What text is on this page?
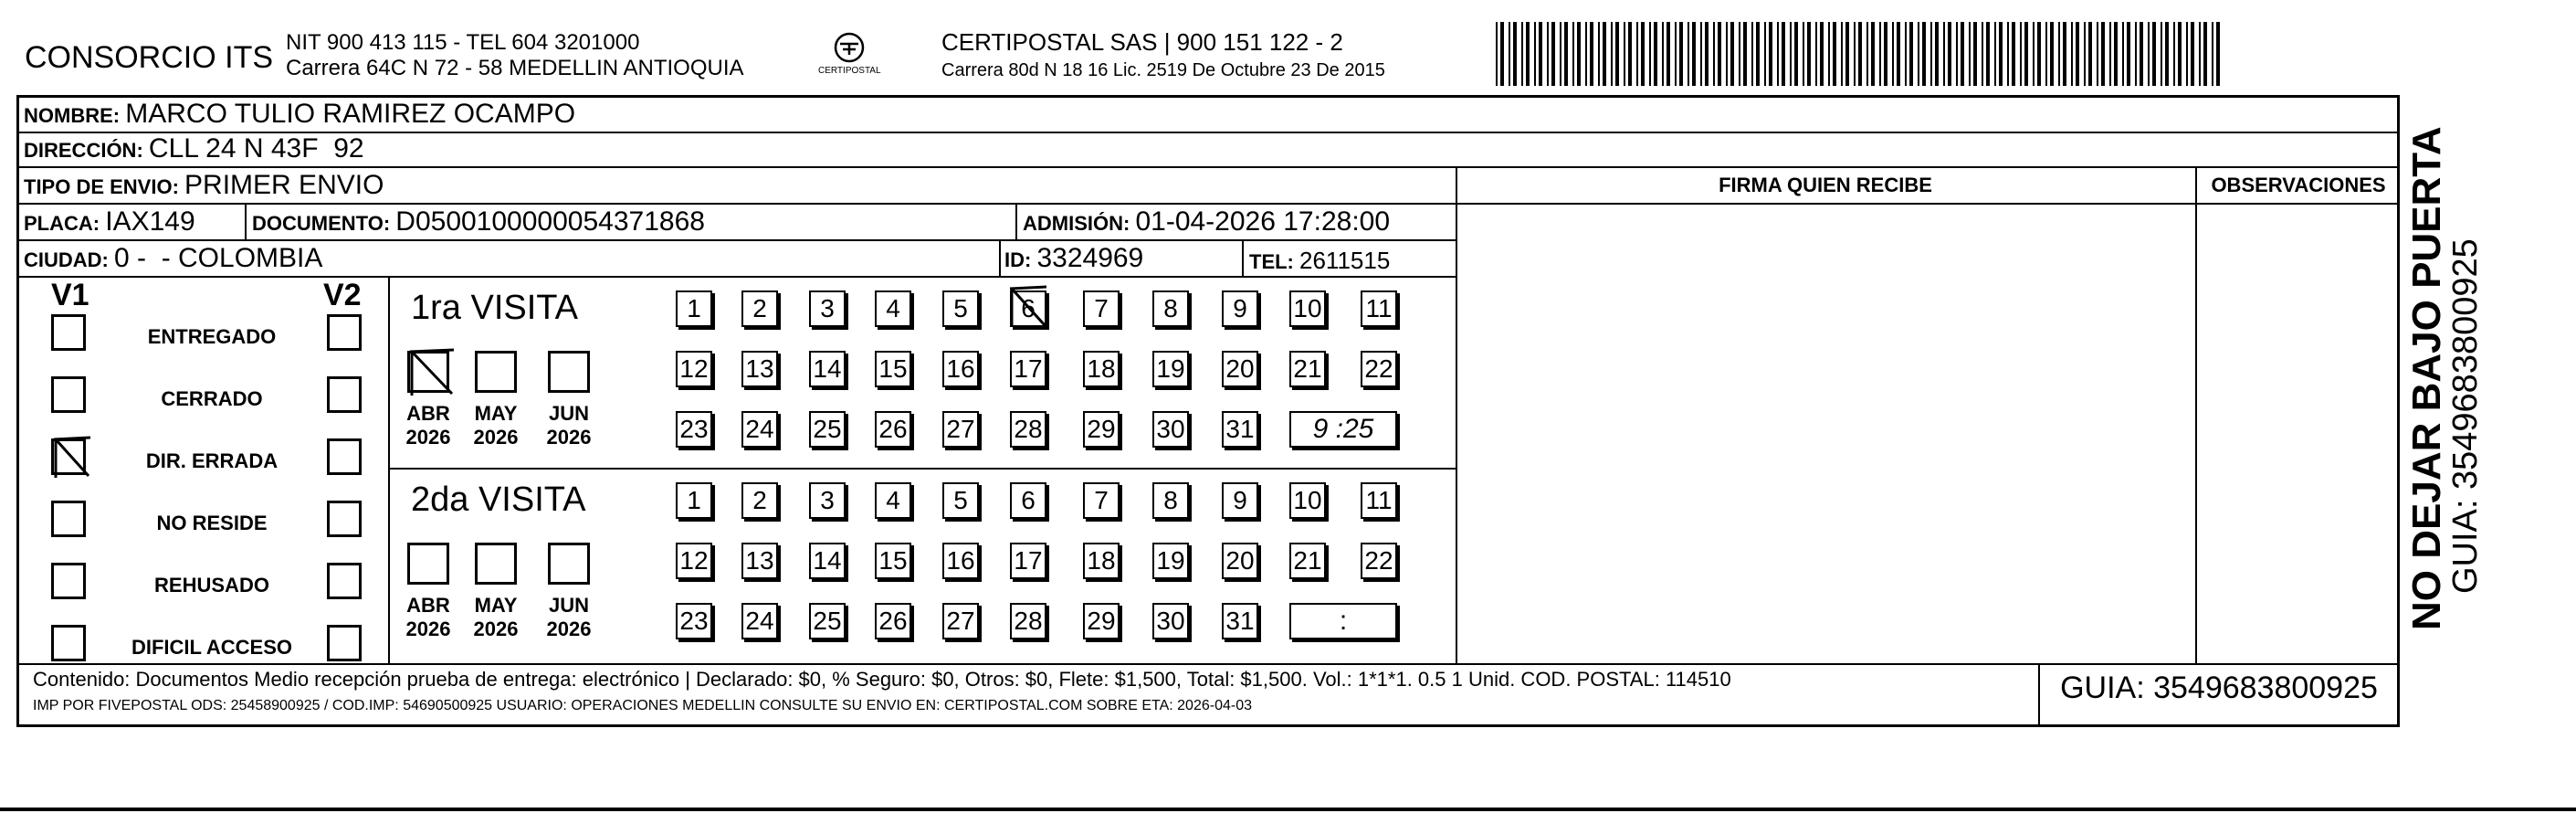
CONSORCIO ITS NIT 900 413 115 - TEL 604 3201000
Carrera 64C N 72 - 58 MEDELLIN ANTIOQUIA	CERTIPOSTAL
CERTIPOSTAL SAS | 900 151 122 - 2
Carrera 80d N 18 16 Lic. 2519 De Octubre 23 De 2015
NOMBRE: MARCO TULIO RAMIREZ OCAMPO
DIRECCIÓN: CLL 24 N 43F  92
TIPO DE ENVIO: PRIMER ENVIO	FIRMA QUIEN RECIBE	OBSERVACIONES
PLACA: IAX149	DOCUMENTO: D0500100000054371868	ADMISIÓN: 01-04-2026 17:28:00
CIUDAD: 0 -  - COLOMBIA	ID: 3324969	TEL: 2611515
V1	V2
ENTREGADO
CERRADO
DIR. ERRADA
NO RESIDE
REHUSADO
DIFICIL ACCESO
1ra VISITA
ABR
2026
MAY
2026
JUN
2026
1	2	3	4	5	6	7	8	9	10 11
12 13 14 15 16 17 18 19 20 21 22
23 24 25 26 27 28 29 30 31	9 :25
2da VISITA
ABR
2026
MAY
2026
JUN
2026
1	2	3	4	5	6	7	8	9	10 11
12 13 14 15 16 17 18 19 20 21 22
23 24 25 26 27 28 29 30 31	:
Contenido: Documentos Medio recepción prueba de entrega: electrónico | Declarado: $0, % Seguro: $0, Otros: $0, Flete: $1,500, Total: $1,500. Vol.: 1*1*1. 0.5 1 Unid. COD. POSTAL: 114510
IMP POR FIVEPOSTAL ODS: 25458900925 / COD.IMP: 54690500925 USUARIO: OPERACIONES MEDELLIN CONSULTE SU ENVIO EN: CERTIPOSTAL.COM SOBRE ETA: 2026-04-03
GUIA: 3549683800925
NO DEJAR BAJO PUERTA
GUIA: 3549683800925
